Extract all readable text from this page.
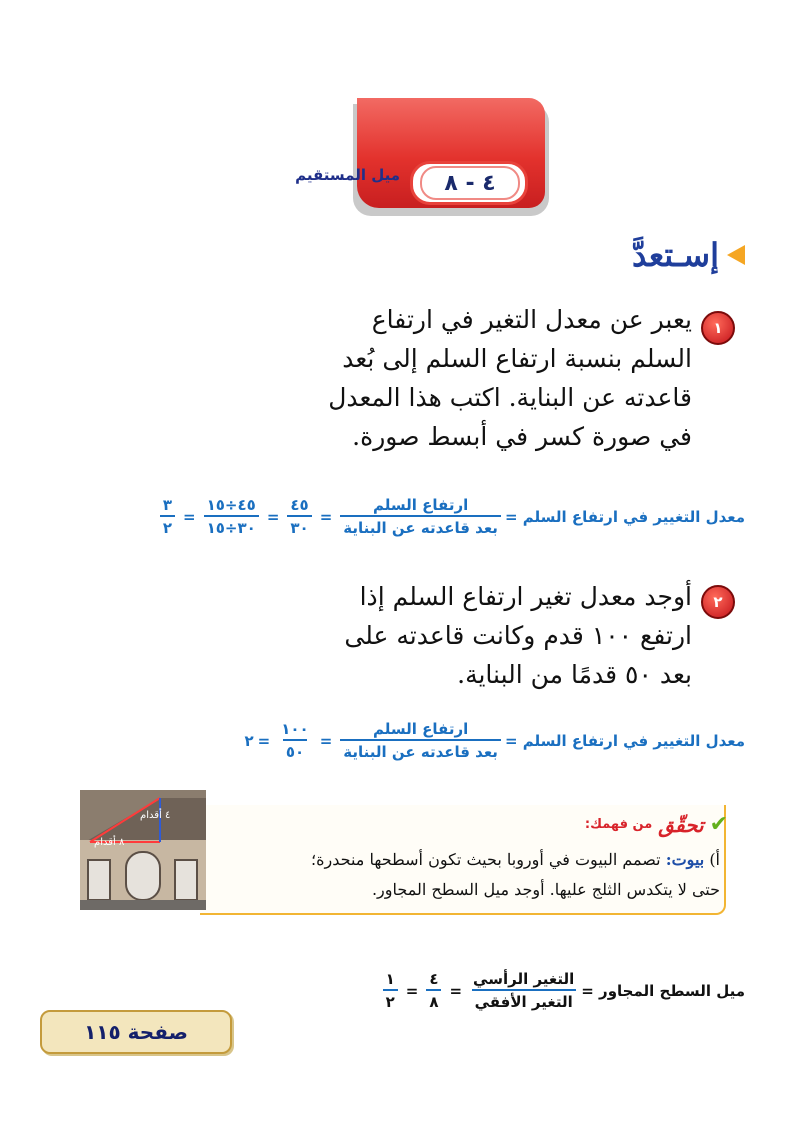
٤ - ٨
ميل المستقيم
إسـتعدَّ
١
يعبر عن معدل التغير في ارتفاع
السلم بنسبة ارتفاع السلم إلى بُعد
قاعدته عن البناية. اكتب هذا المعدل
في صورة كسر في أبسط صورة.
معدل التغيير في ارتفاع السلم =
$\frac{\text{ارتفاع السلم}}{\text{بعد قاعدته عن البناية}}$
=
$\frac{٤٥}{٣٠}$
=
$\frac{٤٥\div ١٥}{٣٠\div ١٥}$
=
$\frac{٣}{٢}$
٢
أوجد معدل تغير ارتفاع السلم إذا
ارتفع ١٠٠ قدم وكانت قاعدته على
بعد ٥٠ قدمًا من البناية.
معدل التغيير في ارتفاع السلم =
$\frac{\text{ارتفاع السلم}}{\text{بعد قاعدته عن البناية}}$
=
$\frac{١٠٠}{٥٠}$
=
٢
٤ أقدام
٨ أقدام
✔
تحقّق
من فهمك:
أ) بيوت: تصمم البيوت في أوروبا بحيث تكون أسطحها منحدرة؛
حتى لا يتكدس الثلج عليها. أوجد ميل السطح المجاور.
ميل السطح المجاور =
$\frac{\text{التغير الرأسي}}{\text{التغير الأفقي}}$
=
$\frac{٤}{٨}$
=
$\frac{١}{٢}$
صفحة ١١٥
